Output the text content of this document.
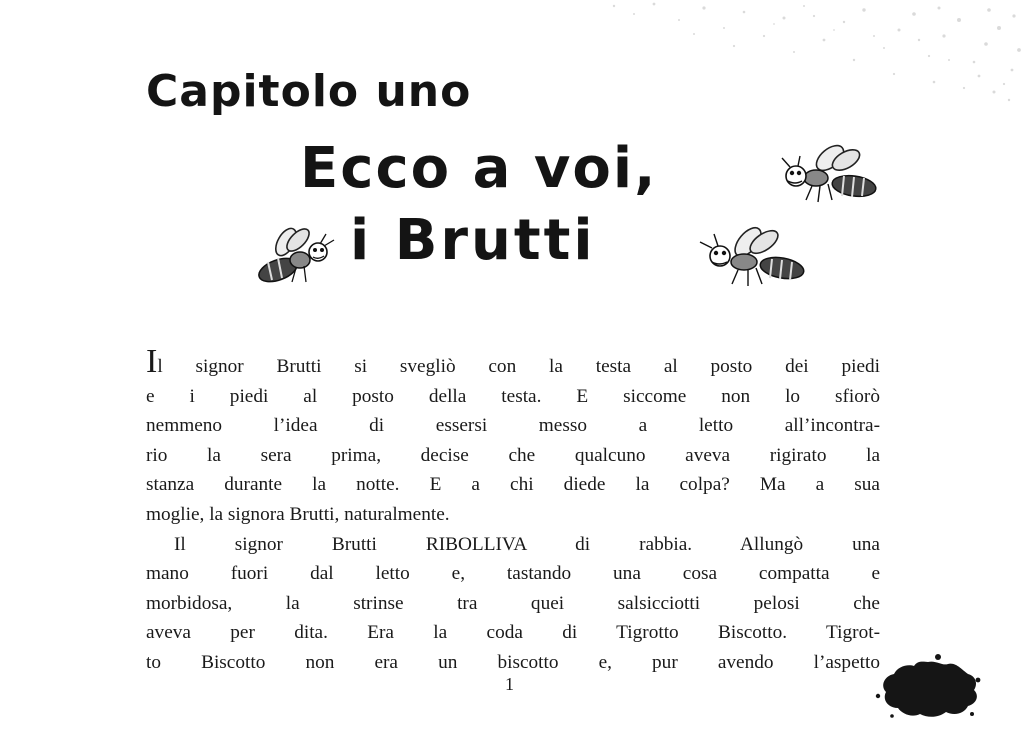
Capitolo uno
Ecco a voi,
i Brutti
Il signor Brutti si svegliò con la testa al posto dei piedi
e i piedi al posto della testa. E siccome non lo sfiorò
nemmeno l’idea di essersi messo a letto all’incontra-
rio la sera prima, decise che qualcuno aveva rigirato la
stanza durante la notte. E a chi diede la colpa? Ma a sua
moglie, la signora Brutti, naturalmente.
Il signor Brutti RIBOLLIVA di rabbia. Allungò una
mano fuori dal letto e, tastando una cosa compatta e
morbidosa, la strinse tra quei salsicciotti pelosi che
aveva per dita. Era la coda di Tigrotto Biscotto. Tigrot-
to Biscotto non era un biscotto e, pur avendo l’aspetto
1
